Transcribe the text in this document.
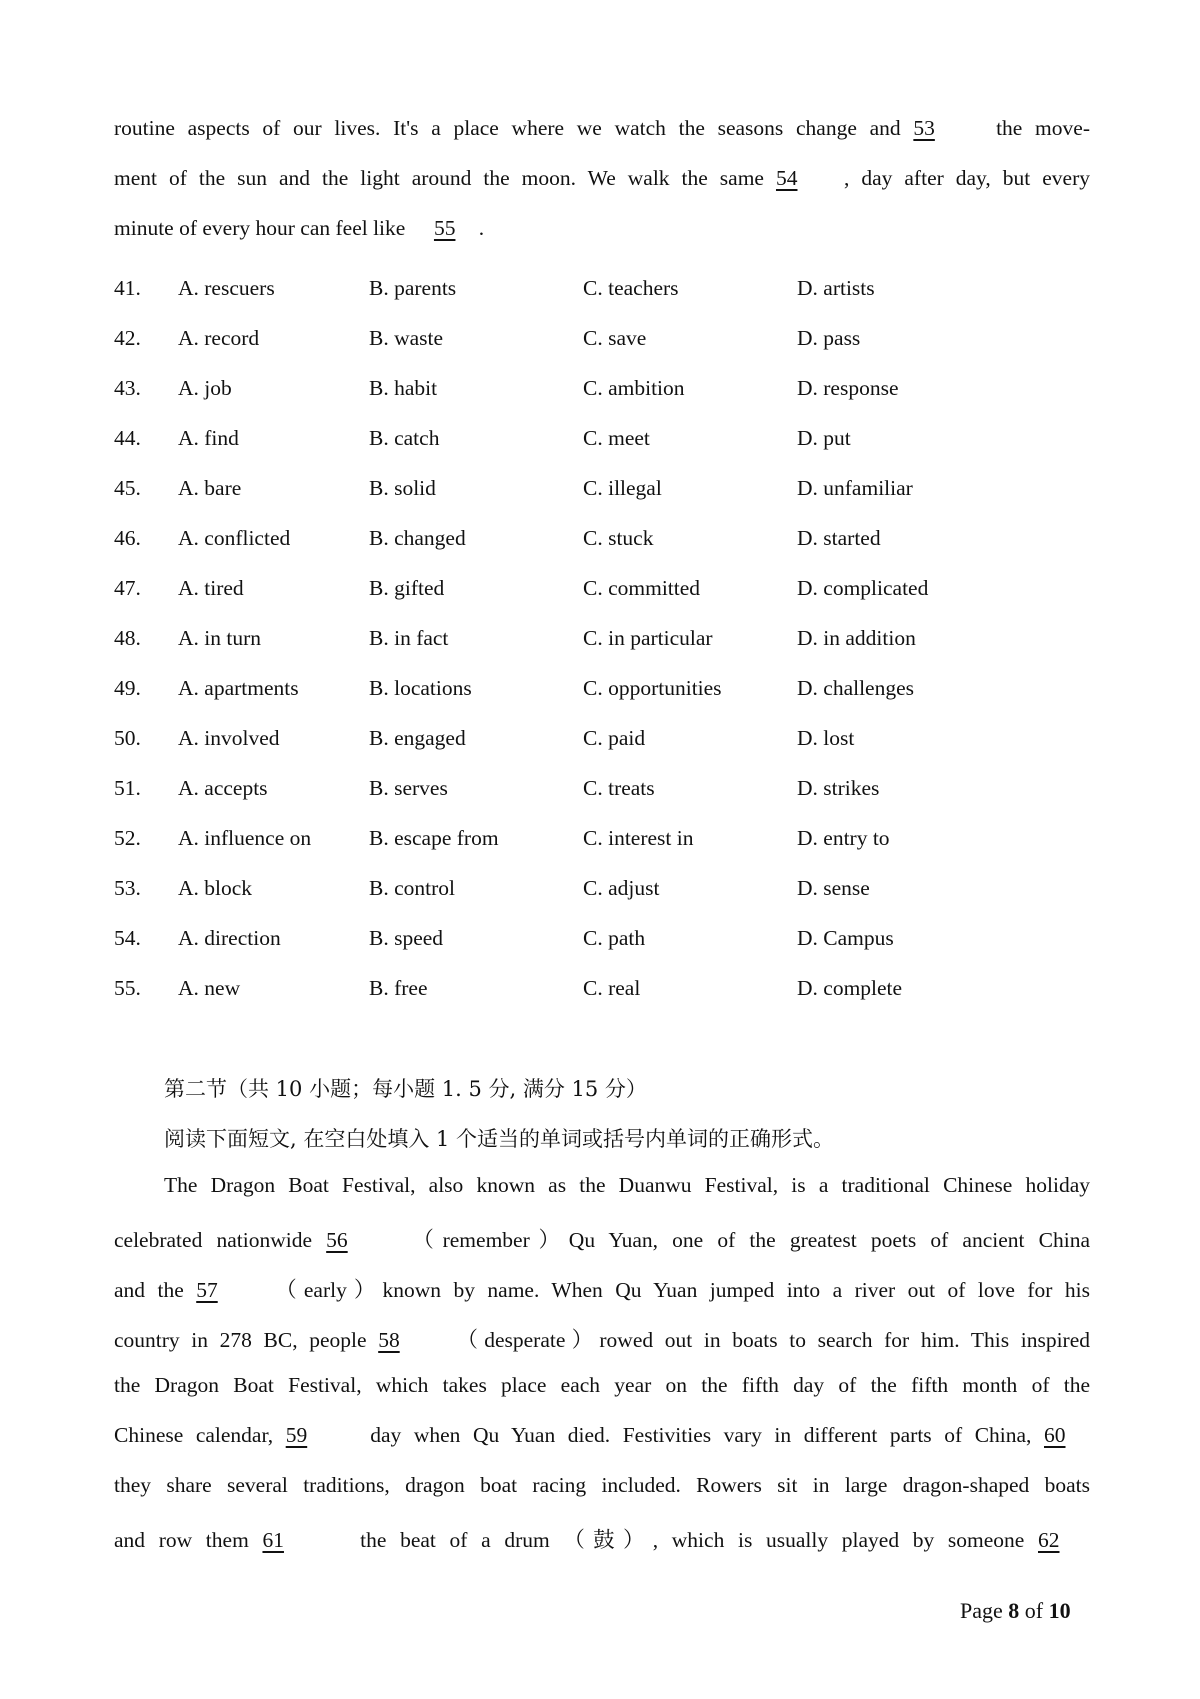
routine aspects of our lives. It's a place where we watch the seasons change and 53 the move-
ment of the sun and the light around the moon. We walk the same 54 , day after day, but every
minute of every hour can feel like 55 .
41. A. rescuers	B. parents	C. teachers	D. artists
42. A. record	B. waste	C. save	D. pass
43. A. job	B. habit	C. ambition	D. response
44. A. find	B. catch	C. meet	D. put
45. A. bare	B. solid	C. illegal	D. unfamiliar
46. A. conflicted	B. changed	C. stuck	D. started
47. A. tired	B. gifted	C. committed	D. complicated
48. A. in turn	B. in fact	C. in particular	D. in addition
49. A. apartments	B. locations	C. opportunities	D. challenges
50. A. involved	B. engaged	C. paid	D. lost
51. A. accepts	B. serves	C. treats	D. strikes
52. A. influence on	B. escape from	C. interest in	D. entry to
53. A. block	B. control	C. adjust	D. sense
54. A. direction	B. speed	C. path	D. Campus
55. A. new	B. free	C. real	D. complete
第二节（共 10 小题；每小题 1. 5 分, 满分 15 分）
阅读下面短文, 在空白处填入 1 个适当的单词或括号内单词的正确形式。
The Dragon Boat Festival, also known as the Duanwu Festival, is a traditional Chinese holiday
celebrated nationwide 56 （remember）Qu Yuan, one of the greatest poets of ancient China
and the 57 （early）known by name. When Qu Yuan jumped into a river out of love for his
country in 278 BC, people 58 （desperate）rowed out in boats to search for him. This inspired
the Dragon Boat Festival, which takes place each year on the fifth day of the fifth month of the
Chinese calendar, 59 day when Qu Yuan died. Festivities vary in different parts of China, 60
they share several traditions, dragon boat racing included. Rowers sit in large dragon-shaped boats
and row them 61	the beat of a drum （鼓）, which is usually played by someone 62
Page 8 of 10
